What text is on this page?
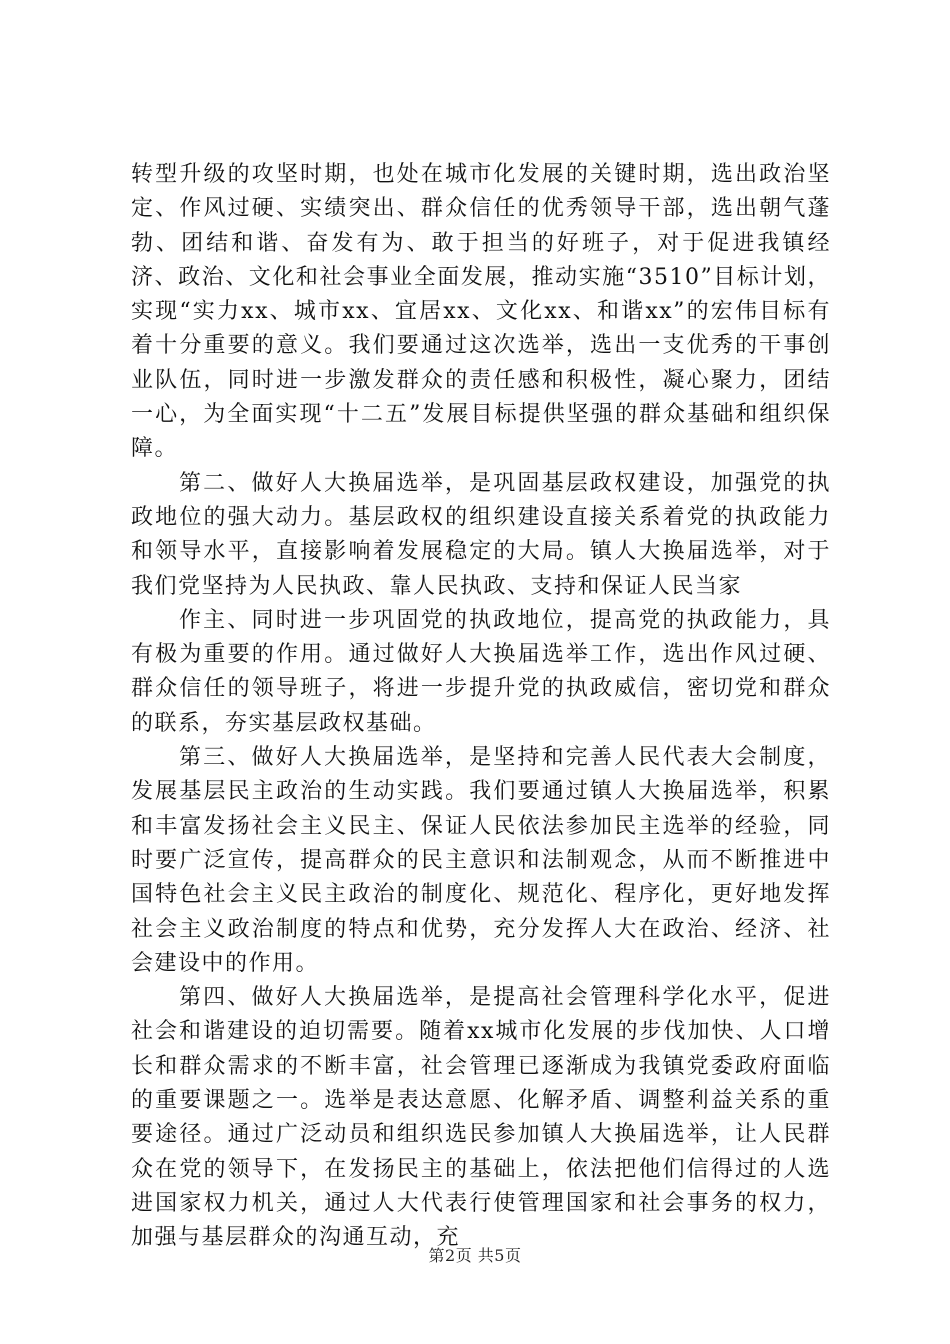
转型升级的攻坚时期，也处在城市化发展的关键时期，选出政治坚定、作风过硬、实绩突出、群众信任的优秀领导干部，选出朝气蓬勃、团结和谐、奋发有为、敢于担当的好班子，对于促进我镇经济、政治、文化和社会事业全面发展，推动实施“3510”目标计划，实现“实力xx、城市xx、宜居xx、文化xx、和谐xx”的宏伟目标有着十分重要的意义。我们要通过这次选举，选出一支优秀的干事创业队伍，同时进一步激发群众的责任感和积极性，凝心聚力，团结一心，为全面实现“十二五”发展目标提供坚强的群众基础和组织保障。

第二、做好人大换届选举，是巩固基层政权建设，加强党的执政地位的强大动力。基层政权的组织建设直接关系着党的执政能力和领导水平，直接影响着发展稳定的大局。镇人大换届选举，对于我们党坚持为人民执政、靠人民执政、支持和保证人民当家

作主、同时进一步巩固党的执政地位，提高党的执政能力，具有极为重要的作用。通过做好人大换届选举工作，选出作风过硬、群众信任的领导班子，将进一步提升党的执政威信，密切党和群众的联系，夯实基层政权基础。

第三、做好人大换届选举，是坚持和完善人民代表大会制度，发展基层民主政治的生动实践。我们要通过镇人大换届选举，积累和丰富发扬社会主义民主、保证人民依法参加民主选举的经验，同时要广泛宣传，提高群众的民主意识和法制观念，从而不断推进中国特色社会主义民主政治的制度化、规范化、程序化，更好地发挥社会主义政治制度的特点和优势，充分发挥人大在政治、经济、社会建设中的作用。

第四、做好人大换届选举，是提高社会管理科学化水平，促进社会和谐建设的迫切需要。随着xx城市化发展的步伐加快、人口增长和群众需求的不断丰富，社会管理已逐渐成为我镇党委政府面临的重要课题之一。选举是表达意愿、化解矛盾、调整利益关系的重要途径。通过广泛动员和组织选民参加镇人大换届选举，让人民群众在党的领导下，在发扬民主的基础上，依法把他们信得过的人选进国家权力机关，通过人大代表行使管理国家和社会事务的权力，加强与基层群众的沟通互动，充

第2页 共5页
